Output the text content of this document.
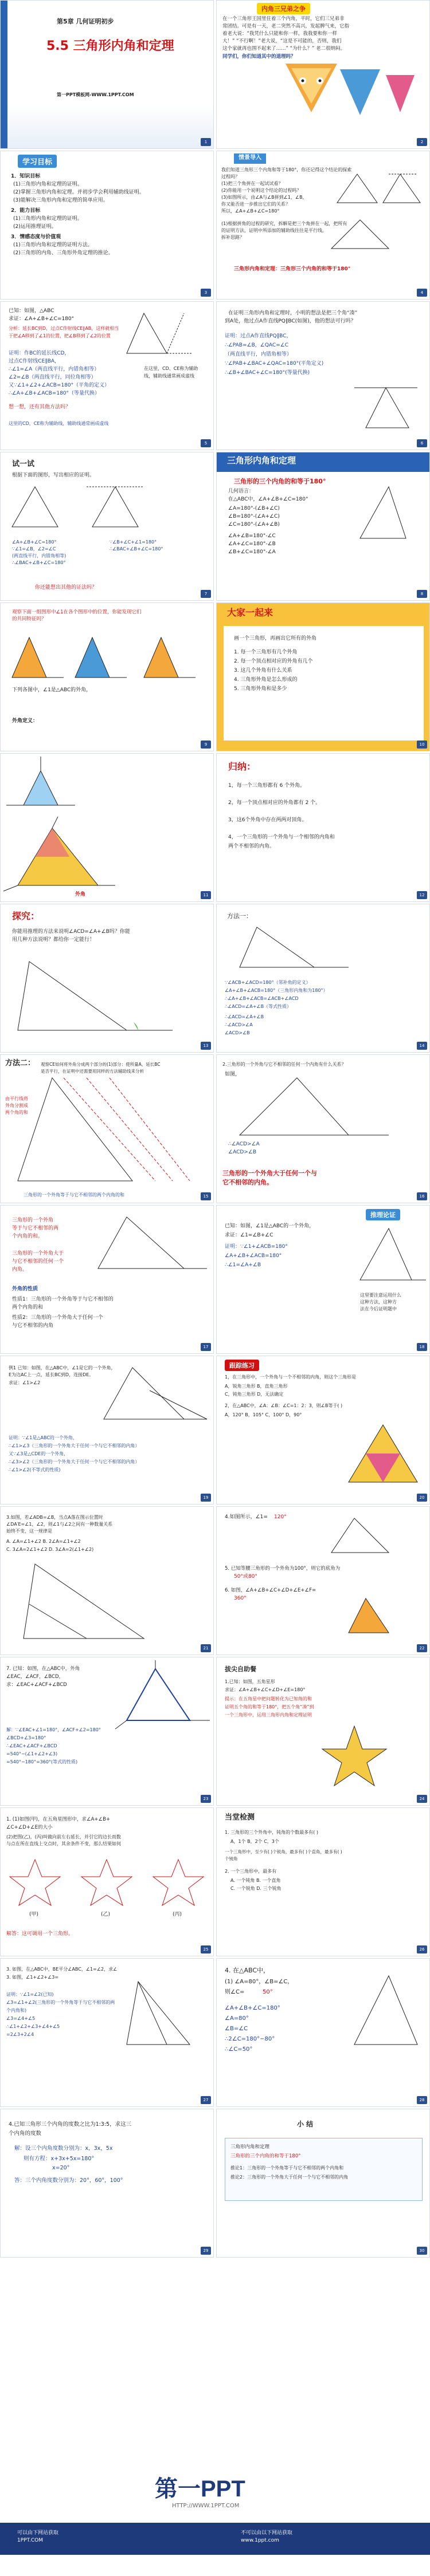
第5章 几何证明初步
5.5 三角形内角和定理
第一PPT模板网-WWW.1PPT.COM
1
内角三兄弟之争
在一个三角形王国里住着三个内角，平时，它们三兄弟非
常团结。可是有一天，老二突然不高兴，发起脾气来，它指
着老大说：“我凭什么只能和你一样，我我要和你一样
大！” “不行啊！”老大说，“这是不可能的，否则，我们
这个家就再也围不起来了……” “为什么？” 老二很纳闷。
同学们，你们知道其中的道理吗？
2
学习目标
1．知识目标
(1)三角形内角和定理的证明。
(2)掌握三角形内角和定理。并初步学会利用辅助线证明。
(3)能解决三角形内角和定理的简单应用。
2．能力目标
(1)三角形内角和定理的证明。
(2)运用推理证明。
3．情感态度与价值观
(1)三角形内角和定理的证明方法。
(2)三角形的内角、三角形外角定理的推论。
3
情景导入
我们知道三角形三个内角和等于180°，你还记得这个结论的探索
过程吗？
(1)把三个角拼在一起试试看？
(2)你能用一个说明这个结论的过程吗？
(3)如图所示，由∠A与∠B拼到∠1，∠B，
你又能否进一步推出它们的关系？
所以，∠A+∠B+∠C=180°
(1)根据拼角的过程的研究，拆解是把三个角拼在一起，把所有
的证明方法，证明中所添加的辅助线往往是平行线。
拆补思路？
三角形内角和定理：三角形三个内角的和等于180°
4
已知：如图，△ABC
求证：∠A+∠B+∠C=180°
分析：延长BC到D，过点C作射线CE∥AB，这样就相当于把∠A移到了∠1的位置，把∠B移到了∠2的位置
证明：作BC的延长线CD，
过点C作射线CE∥BA，
∴∠1=∠A（两直线平行，内错角相等）
∠2=∠B（两直线平行，同位角相等）
又∵∠1+∠2+∠ACB=180°（平角的定义）
∴∠A+∠B+∠ACB=180°（等量代换）
想一想，还有其他方法吗？
这里的CD，CE称为辅助线，辅助线通常画成虚线
在这里，CD、CE称为辅助线，辅助线通常画成虚线
5
在证明三角形内角和定理时，小明的想法是把三个角“凑”
到A处，他过点A作直线PQ∥BC(如图)，他的想法可行吗？
证明：过点A作直线PQ∥BC，
∴∠PAB=∠B，∠QAC=∠C
（两直线平行，内错角相等）
∵∠PAB+∠BAC+∠QAC=180°(平角定义)
∴∠B+∠BAC+∠C=180°(等量代换)
6
试一试
根据下面的图形，写出相应的证明。
∠A+∠B+∠C=180°
∵∠1=∠B，∠2=∠C
(两直线平行，内错角相等)
∴∠BAC+∠B+∠C=180°
∵∠B+∠C+∠1=180°
∴∠BAC+∠B+∠C=180°
你还能想出其他的证法吗？
7
三角形内角和定理
三角形的三个内角的和等于180°
几何语言：
在△ABC中，∠A+∠B+∠C=180°
∠A=180°-(∠B+∠C)
∠B=180°-(∠A+∠C)
∠C=180°-(∠A+∠B)
∠A+∠B=180°-∠C
∠A+∠C=180°-∠B
∠B+∠C=180°-∠A
8
观察下面一组图形中∠1在各个图形中的位置，你能发现它们
的共同特征吗？
下列各图中，∠1是△ABC的外角，
外角定义：
9
大家一起来
画一个三角形，再画出它所有的外角
1. 每一个三角形有几个外角
2. 每一个顶点相对应的外角有几个
3. 这几个外角有什么关系
4. 三角形外角是怎么形成的
5. 三角形外角和是多少
10
外角	11
归纳：
1，每一个三角形都有 6 个外角。
2，每一个顶点相对应的外角都有 2 个。
3，这6个外角中存在两两对顶角。
4，一个三角形的一个外角与一个相邻的内角和
两个不相邻的内角。
12
探究：
你能用推理的方法来说明∠ACD=∠A+∠B吗？你能
用几种方法说明？都给你一定能行！
13
方法一：
∵∠ACB+∠ACD=180°（邻补角的定义）
∠A+∠B+∠ACB=180°（三角形内角和为180°）
∴∠A+∠B+∠ACB=∠ACB+∠ACD
∴∠ACD=∠A+∠B（等式性质）
∴∠ACD=∠A+∠B
∴∠ACD>∠A
∠ACD>∠B
14
方法二： 观察CE如何将外角分成两个部分的(1)部分：使所量A，延长BC
是否平行，在证明中还需要用同样的方法辅助线来分析
由平行线将
外角分割成
两个角的和
三角形的一个外角等于与它不相邻的两个内角的和	15
2.三角形的一个外角与它不相邻的任何一个内角有什么关系？
如图，
∴∠ACD>∠A
∠ACD>∠B
三角形的一个外角大于任何一个与
它不相邻的内角。
16
三角形的一个外角
等于与它不相邻的两
个内角的和。
三角形的一个外角大于
与它不相邻的任何一个
内角。
外角的性质
性质1：三角形的一个外角等于与它不相邻的
两个内角的和
性质2：三角形的一个外角大于任何一个
与它不相邻的内角
17
推理论证
已知：如图，∠1是△ABC的一个外角，
求证：∠1=∠B+∠C
证明：∵∠1+∠ACB=180°
∠A+∠B+∠ACB=180°
∴∠1=∠A+∠B
这里要注意运用什么
这种方法，这种方
法在今后证明题中
18
例1 已知：如图，在△ABC中，∠1是它的一个外角，
E为边AC上一点，延长BC到D，连接DE。
求证：∠1>∠2
证明：∵∠1是△ABC的一个外角，
∴∠1>∠3（三角形的一个外角大于任何一个与它不相邻的内角）
又∵∠3是△CDE的一个外角，
∴∠3>∠2（三角形的一个外角大于任何一个与它不相邻的内角）
∴∠1>∠2(不等式的性质)
19
跟踪练习
1，在三角形中，一个外角与一个不相邻的内角，则这个三角形是
A，锐角三角形 B，直角三角形
C，钝角三角形 D，无法确定
2，在△ABC中，∠A：∠B：∠C=1：2：3，则∠B等于( )
A，120° B，105° C，100° D，90°
20
3.如图，若∠ADB=∠B，当点A落在图示位置时
∠DA′E=∠1，∠2，则∠1与∠2之间有一种数量关系
始终不变，这一规律是
A. ∠A=∠1+∠2 B. 2∠A=∠1+∠2
C. 3∠A=2∠1+∠2 D. 3∠A=2(∠1+∠2)
21
4.如图所示，∠1= 120°
5. 已知等腰三角形的一个外角为100°，则它的底角为
50°或80°
6. 如图，∠A+∠B+∠C+∠D+∠E+∠F=
360°
22
7. 已知：如图，在△ABC中，外角
∠EAC，∠ACF，∠BCD，
求：∠EAC+∠ACF+∠BCD
解：∵∠EAC+∠1=180°，∠ACF+∠2=180°
∠BCD+∠3=180°
∴∠EAC+∠ACF+∠BCD
=540°−(∠1+∠2+∠3)
=540°−180°=360°(等式的性质)
23
拔尖自助餐
1.已知：如图，五角星形
求证：∠A+∠B+∠C+∠D+∠E=180°
提示：在五角星中把问题转化为已知角的和
证明五个角的和等于180°，把五个角“凑”到
一个三角形中，运用三角形内角和定理证明
24
1. (1)如图(甲)，在五角星图形中，求∠A+∠B+
∠C+∠D+∠E的大小
(2)把图(乙)，(丙)叫做向前左右延长，并引它的边长而数
与点在所在直线上交点时，其余条件不变，那么结果如何
(甲)	(乙)	(丙)
解答：这可调用一个三角形。
25
当堂检测
1. 三角形的三个外角中，钝角的个数最多有( )
A，1个 B，2个 C，3个
一个三角形中，至少有( )个锐角，最多有( )个直角，最多有( )
个钝角
2. 一个三角形中，最多有
A. 一个钝角 B. 一个直角
C. 一个锐角 D. 三个锐角
26
3. 如图，在△ABC中，BE平分∠ABC，∠1=∠2，求∠
3. 如图，∠1+∠2+∠3=
证明：∵∠1=∠2(已知)
∠3=∠1+∠2(三角形的一个外角等于与它不相邻的两
个内角和)
∠3=∠4+∠5
∴∠1+∠2+∠3+∠4+∠5
=2∠3+2∠4
27
4. 在△ABC中，
(1) ∠A=80°，∠B=∠C，
则∠C=	50°
∠A+∠B+∠C=180°
∠A=80°
∠B=∠C
∴2∠C=180°−80°
∴∠C=50°
28
4.已知三角形三个内角的度数之比为1:3:5，求这三
个内角的度数
解：设三个内角度数分别为：x，3x，5x
则有方程：x+3x+5x=180°
x=20°
答：三个内角度数分别为：20°，60°，100°
29
小 结
三角形内角和定理
三角形的三个内角的和等于180°
推论1：三角形的一个外角等于与它不相邻的两个内角和
推论2：三角形的一个外角大于任何一个与它不相邻的内角
30
第一PPT
HTTP://WWW.1PPT.COM
可以由下网站获取
1PPT.COM
不可以由以下网站获取
www.1ppt.com
